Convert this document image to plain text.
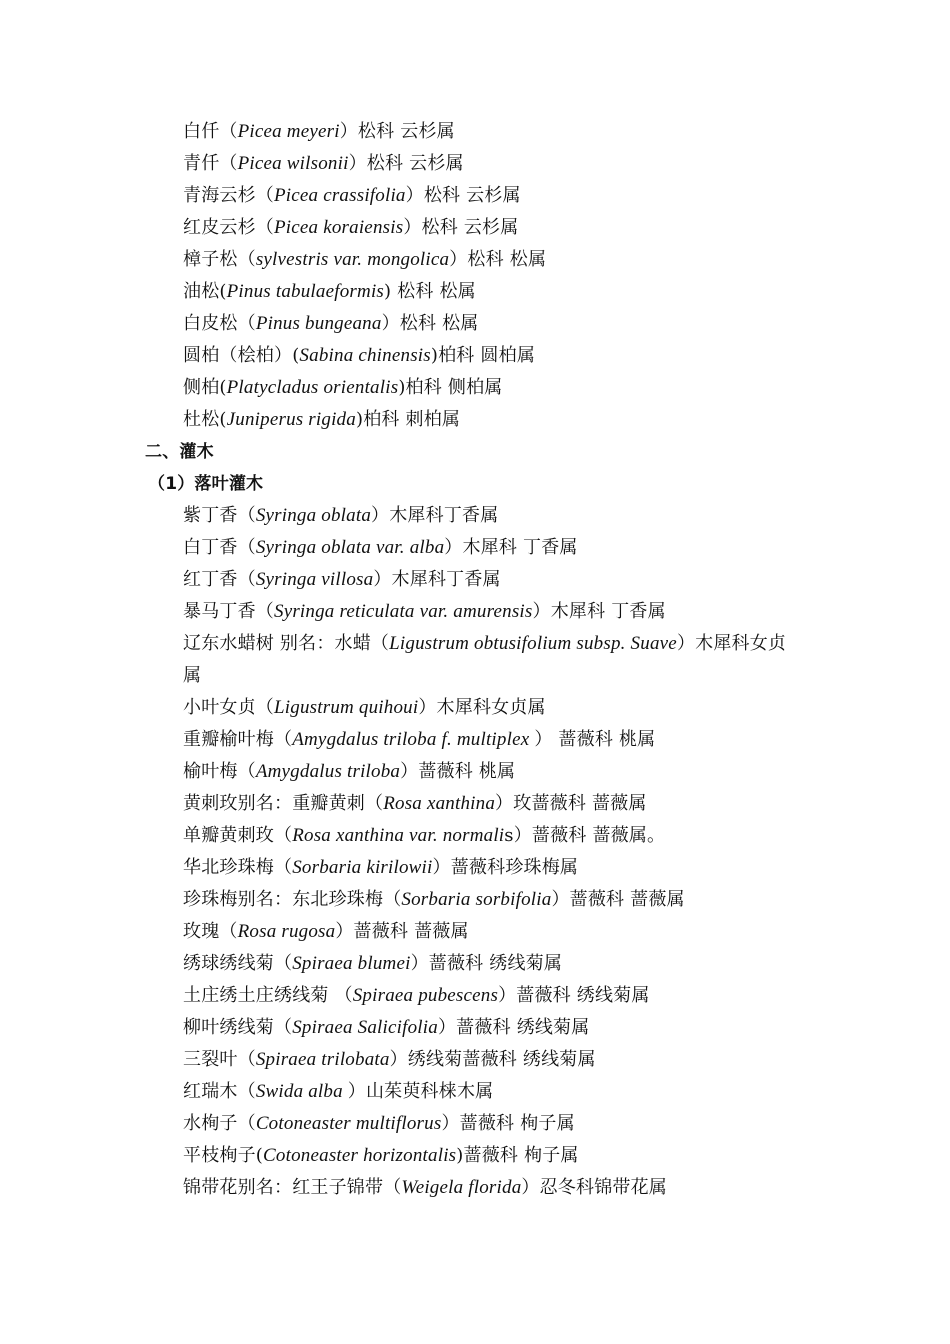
白仟（Picea meyeri）松科 云杉属
青仟（Picea wilsonii）松科 云杉属
青海云杉（Picea crassifolia）松科 云杉属
红皮云杉（Picea koraiensis）松科 云杉属
樟子松（sylvestris var. mongolica）松科 松属
油松(Pinus tabulaeformis) 松科 松属
白皮松（Pinus bungeana）松科 松属
圆柏（桧柏）(Sabina chinensis)柏科 圆柏属
侧柏(Platycladus orientalis)柏科 侧柏属
杜松(Juniperus rigida)柏科 刺柏属
二、灌木
（1）落叶灌木
紫丁香（Syringa oblata）木犀科丁香属
白丁香（Syringa oblata var. alba）木犀科 丁香属
红丁香（Syringa villosa）木犀科丁香属
暴马丁香（Syringa reticulata var. amurensis）木犀科 丁香属
辽东水蜡树 别名：水蜡（Ligustrum obtusifolium subsp. Suave）木犀科女贞
属
小叶女贞（Ligustrum quihoui）木犀科女贞属
重瓣榆叶梅（Amygdalus triloba f. multiplex ） 蔷薇科 桃属
榆叶梅（Amygdalus triloba）蔷薇科 桃属
黄刺玫别名：重瓣黄刺（Rosa xanthina）玫蔷薇科 蔷薇属
单瓣黄刺玫（Rosa xanthina var. normalis）蔷薇科 蔷薇属。
华北珍珠梅（Sorbaria kirilowii）蔷薇科珍珠梅属
珍珠梅别名：东北珍珠梅（Sorbaria sorbifolia）蔷薇科 蔷薇属
玫瑰（Rosa rugosa）蔷薇科 蔷薇属
绣球绣线菊（Spiraea blumei）蔷薇科 绣线菊属
土庄绣土庄绣线菊 （Spiraea pubescens）蔷薇科 绣线菊属
柳叶绣线菊（Spiraea Salicifolia）蔷薇科 绣线菊属
三裂叶（Spiraea trilobata）绣线菊蔷薇科 绣线菊属
红瑞木（Swida alba ）山茱萸科梾木属
水栒子（Cotoneaster multiflorus）蔷薇科 栒子属
平枝栒子(Cotoneaster horizontalis)蔷薇科 栒子属
锦带花别名：红王子锦带（Weigela florida）忍冬科锦带花属
